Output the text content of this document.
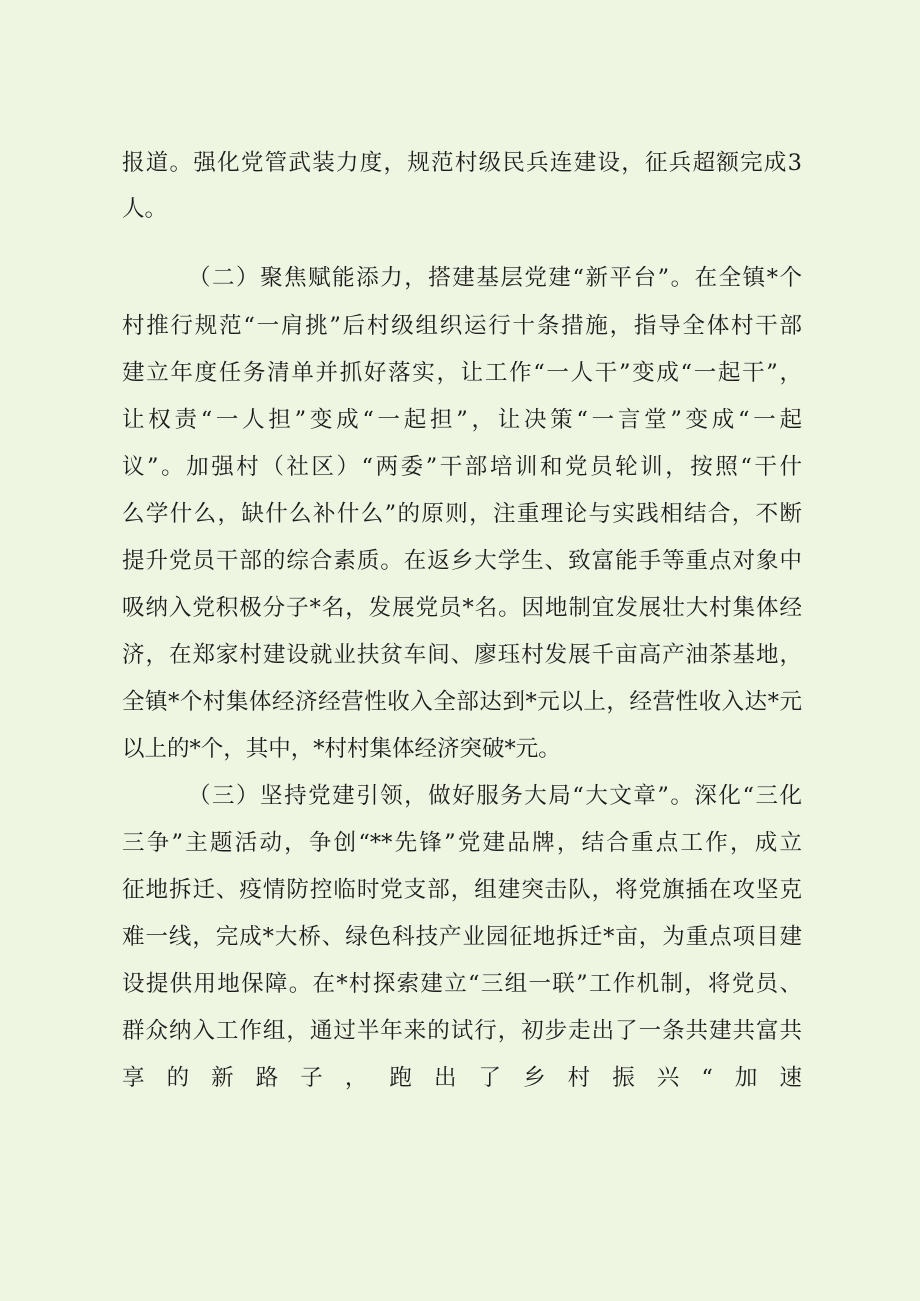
报道。强化党管武装力度，规范村级民兵连建设，征兵超额完成3
人。
（二）聚焦赋能添力，搭建基层党建“新平台”。在全镇*个
村推行规范“一肩挑”后村级组织运行十条措施，指导全体村干部
建立年度任务清单并抓好落实，让工作“一人干”变成“一起干”，
让权责“一人担”变成“一起担”，让决策“一言堂”变成“一起
议”。加强村（社区）“两委”干部培训和党员轮训，按照“干什
么学什么，缺什么补什么”的原则，注重理论与实践相结合，不断
提升党员干部的综合素质。在返乡大学生、致富能手等重点对象中
吸纳入党积极分子*名，发展党员*名。因地制宜发展壮大村集体经
济，在郑家村建设就业扶贫车间、廖珏村发展千亩高产油茶基地，
全镇*个村集体经济经营性收入全部达到*元以上，经营性收入达*元
以上的*个，其中，*村村集体经济突破*元。
（三）坚持党建引领，做好服务大局“大文章”。深化“三化
三争”主题活动，争创“**先锋”党建品牌，结合重点工作，成立
征地拆迁、疫情防控临时党支部，组建突击队，将党旗插在攻坚克
难一线，完成*大桥、绿色科技产业园征地拆迁*亩，为重点项目建
设提供用地保障。在*村探索建立“三组一联”工作机制，将党员、
群众纳入工作组，通过半年来的试行，初步走出了一条共建共富共
享的新路子，跑出了乡村振兴“加速
